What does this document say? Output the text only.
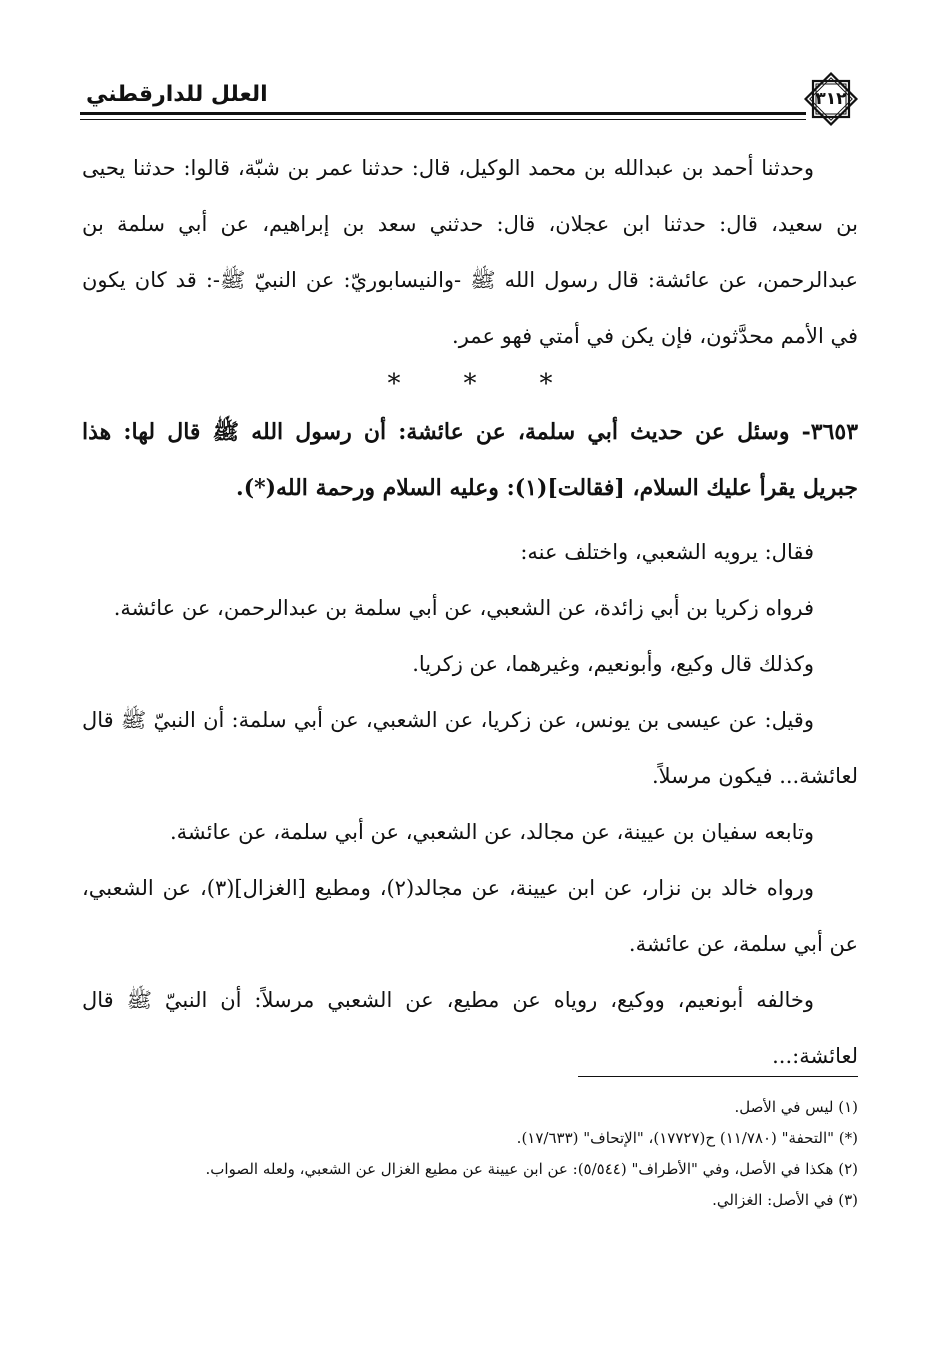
العلل للدارقطني	٣١٢

وحدثنا أحمد بن عبدالله بن محمد الوكيل، قال: حدثنا عمر بن شبّة، قالوا: حدثنا يحيى بن سعيد، قال: حدثنا ابن عجلان، قال: حدثني سعد بن إبراهيم، عن أبي سلمة بن عبدالرحمن، عن عائشة: قال رسول الله ﷺ -والنيسابوريّ: عن النبيّ ﷺ-: قد كان يكون في الأمم محدَّثون، فإن يكن في أمتي فهو عمر.

* * *

٣٦٥٣- وسئل عن حديث أبي سلمة، عن عائشة: أن رسول الله ﷺ قال لها: هذا جبريل يقرأ عليك السلام، [فقالت](١): وعليه السلام ورحمة الله(*).

فقال: يرويه الشعبي، واختلف عنه:

فرواه زكريا بن أبي زائدة، عن الشعبي، عن أبي سلمة بن عبدالرحمن، عن عائشة.

وكذلك قال وكيع، وأبونعيم، وغيرهما، عن زكريا.

وقيل: عن عيسى بن يونس، عن زكريا، عن الشعبي، عن أبي سلمة: أن النبيّ ﷺ قال لعائشة... فيكون مرسلاً.

وتابعه سفيان بن عيينة، عن مجالد، عن الشعبي، عن أبي سلمة، عن عائشة.

ورواه خالد بن نزار، عن ابن عيينة، عن مجالد(٢)، ومطيع [الغزال](٣)، عن الشعبي، عن أبي سلمة، عن عائشة.

وخالفه أبونعيم، ووكيع، روياه عن مطيع، عن الشعبي مرسلاً: أن النبيّ ﷺ قال لعائشة:...

(١) ليس في الأصل.

(*) "التحفة" (١١/٧٨٠) ح(١٧٧٢٧)، "الإتحاف" (١٧/٦٣٣).

(٢) هكذا في الأصل، وفي "الأطراف" (٥/٥٤٤): عن ابن عيينة عن مطيع الغزال عن الشعبي، ولعله الصواب.

(٣) في الأصل: الغزالي.
